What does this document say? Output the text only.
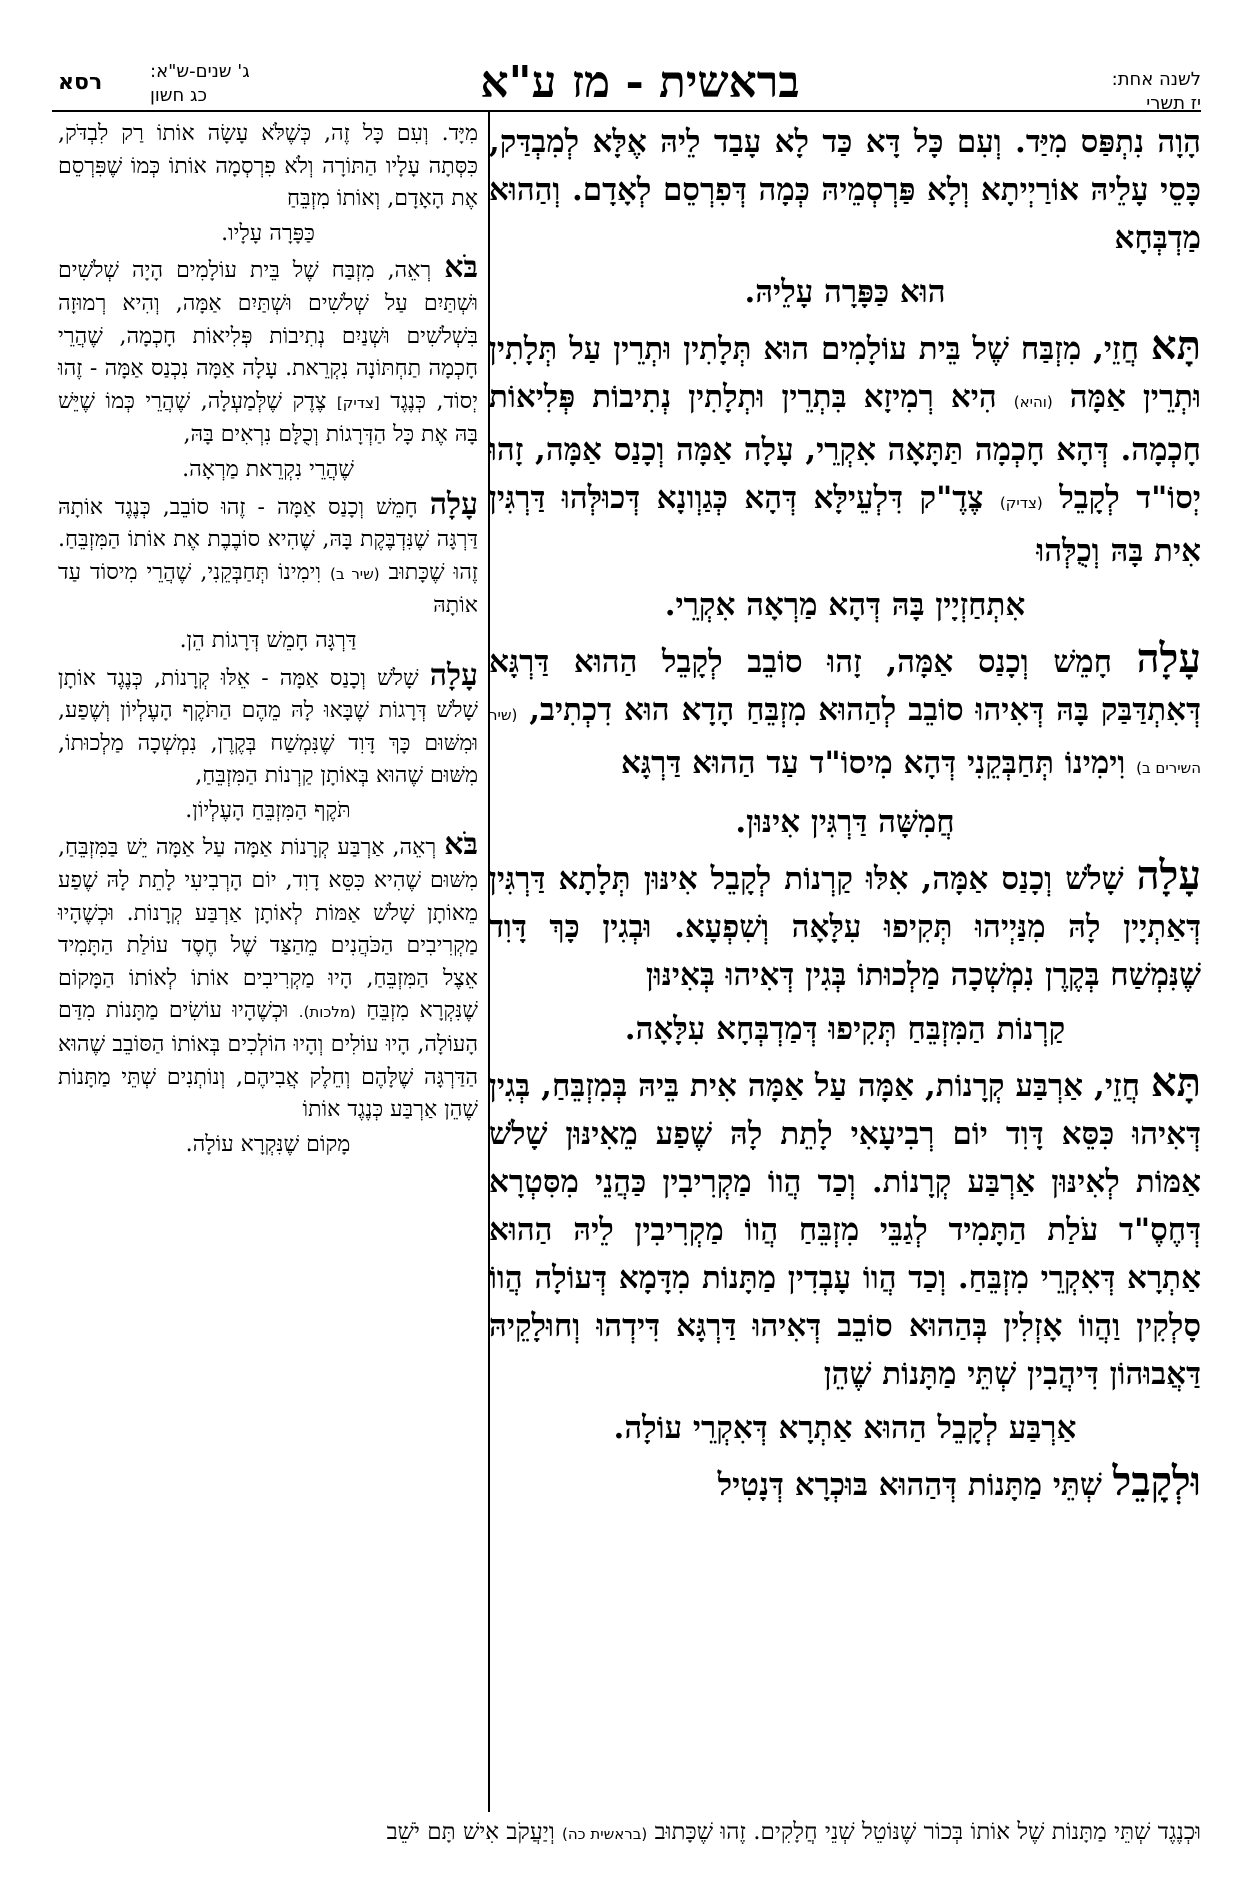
לשנה אחת:
יז תשרי
בראשית - מז ע"א
ג' שנים-ש"א:
כג חשון
רסא

הָוָה נִתְפַּס מִיַּד. וְעִם כָּל דָּא כַּד לָא עָבַד לֵיהּ אֶלָּא לְמִבְדַּק, כָּסֵי עָלֵיהּ אוֹרַיְיתָא וְלָא פַּרְסְמֵיהּ כְּמָה דְּפִרְסֵם לְאָדָם. וְהַהוּא מַדְבְּחָא

הוּא כַּפָּרָה עָלֵיהּ.

תָּא חֲזֵי, מִזְבַּח שֶׁל בֵּית עוֹלָמִים הוּא תְּלָתִין וּתְרֵין עַל תְּלָתִין וּתְרֵין אַמָּה (והיא) הִיא רְמִיזָא בִּתְרֵין וּתְלָתִין נְתִיבוֹת פְּלִיאוֹת חָכְמָה. דְּהָא חָכְמָה תַּתָּאָה אִקְרֵי, עָלָה אַמָּה וְכָנַס אַמָּה, זָהוּ יְסוֹ"ד לְקָבֵל (צדיק) צֶדֶ"ק דִּלְעֵילָּא דְּהָא כְּגַוְונָא דְּכוּלְּהוּ דַּרְגִּין אִית בָּהּ וְכֻלְּהוּ

אִתְחַזְיָין בָּהּ דְּהָא מַרְאָה אִקְרֵי.

עָלָה חָמֵשׁ וְכָנַס אַמָּה, זָהוּ סוֹבֵב לְקָבֵל הַהוּא דַּרְגָּא דְּאִתְדַּבַּק בָּהּ דְּאִיהוּ סוֹבֵב לְהַהוּא מִזְבֵּחַ הָדָא הוּא דִכְתִיב, (שיר השירים ב) וִימִינוֹ תְּחַבְּקֵנִי דְּהָא מִיסוֹ"ד עַד הַהוּא דַּרְגָּא

חֲמִשָּׁה דַּרְגִּין אִינּוּן.

עָלָה שָׁלֹשׁ וְכָנַס אַמָּה, אִלּוּ קַרְנוֹת לְקָבֵל אִינּוּן תְּלָתָא דַּרְגִּין דְּאַתְיָין לָהּ מִנַּיְיהוּ תְּקִיפוּ עִלָּאָה וְשִׁפְעָא. וּבְגִין כָּךְ דָּוִד שֶׁנִּמְשַׁח בְּקֶרֶן נִמְשְׁכָה מַלְכוּתוֹ בְּגִין דְּאִיהוּ בְּאִינּוּן

קַרְנוֹת הַמִּזְבֵּחַ תְּקִיפוּ דְּמַדְבְּחָא עִלָּאָה.

תָּא חֲזֵי, אַרְבַּע קְרָנוֹת, אַמָּה עַל אַמָּה אִית בֵּיהּ בְּמִזְבֵּחַ, בְּגִין דְּאִיהוּ כִּסֵּא דָּוִד יוֹם רְבִיעָאִי לָתֵת לָהּ שֶׁפַע מֵאִינּוּן שָׁלֹשׁ אַמּוֹת לְאִינּוּן אַרְבַּע קְרָנוֹת. וְכַד הֲווֹ מַקְרִיבִין כַּהֲנֵי מִסִּטְרָא דְּחֶסֶ"ד עֹלַת הַתָּמִיד לְגַבֵּי מִזְבֵּחַ הֲווֹ מַקְרִיבִין לֵיהּ הַהוּא אַתְרָא דְּאִקְרֵי מִזְבֵּחַ. וְכַד הֲווֹ עָבְדִין מַתָּנוֹת מִדָּמָא דְּעוֹלָה הֲווֹ סָלְקִין וַהֲווֹ אָזְלִין בְּהַהוּא סוֹבֵב דְּאִיהוּ דַּרְגָּא דִּידְהוּ וְחוּלָקֵיהּ דַּאֲבוּהוֹן דִּיהֲבִין שְׁתֵּי מַתָּנוֹת שֶׁהֵן

אַרְבַּע לְקָבֵל הַהוּא אַתְרָא דְּאִקְרֵי עוֹלָה.

וּלְקָבֵל שְׁתֵּי מַתָּנוֹת דְּהַהוּא בּוּכְרָא דְּנָטִיל

מִיָּד. וְעִם כָּל זֶה, כְּשֶׁלֹּא עָשָׂה אוֹתוֹ רַק לִבְדֹּק, כִּסְּתָה עָלָיו הַתּוֹרָה וְלֹא פִרְסְמָה אוֹתוֹ כְּמוֹ שֶׁפִּרְסֵם אֶת הָאָדָם, וְאוֹתוֹ מִזְבֵּחַ

כַּפָּרָה עָלָיו.

בֹּא רְאֵה, מִזְבַּח שֶׁל בֵּית עוֹלָמִים הָיָה שְׁלֹשִׁים וּשְׁתַּיִם עַל שְׁלֹשִׁים וּשְׁתַּיִם אַמָּה, וְהִיא רְמוּזָה בִּשְׁלֹשִׁים וּשְׁנַיִם נְתִיבוֹת פְּלִיאוֹת חָכְמָה, שֶׁהֲרֵי חָכְמָה תַחְתּוֹנָה נִקְרֵאת. עָלָה אַמָּה נִכְנַס אַמָּה - זֶהוּ יְסוֹד, כְּנֶגֶד [צדיק] צֶדֶק שֶׁלְּמַעְלָה, שֶׁהֲרֵי כְּמוֹ שֶׁיֵּשׁ בָּהּ אֶת כָּל הַדְּרָגוֹת וְכֻלָּם נִרְאִים בָּהּ,

שֶׁהֲרֵי נִקְרֵאת מַרְאָה.

עָלָה חָמֵשׁ וְכָנַס אַמָּה - זֶהוּ סוֹבֵב, כְּנֶגֶד אוֹתָהּ דַּרְגָּה שֶׁנִּדְבֶּקֶת בָּהּ, שֶׁהִיא סוֹבֶבֶת אֶת אוֹתוֹ הַמִּזְבֵּחַ. זֶהוּ שֶׁכָּתוּב (שיר ב) וִימִינוֹ תְּחַבְּקֵנִי, שֶׁהֲרֵי מִיסוֹד עַד אוֹתָהּ

דַּרְגָּה חָמֵשׁ דְּרָגוֹת הֵן.

עָלָה שָׁלֹשׁ וְכָנַס אַמָּה - אֵלּוּ קְרָנוֹת, כְּנֶגֶד אוֹתָן שָׁלֹשׁ דְּרָגוֹת שֶׁבָּאוּ לָהּ מֵהֶם הַתֹּקֶף הָעֶלְיוֹן וְשֶׁפַע, וּמִשּׁוּם כָּךְ דָּוִד שֶׁנִּמְשַׁח בְּקֶרֶן, נִמְשְׁכָה מַלְכוּתוֹ, מִשּׁוּם שֶׁהוּא בְּאוֹתָן קַרְנוֹת הַמִּזְבֵּחַ,

תֹּקֶף הַמִּזְבֵּחַ הָעֶלְיוֹן.

בֹּא רְאֵה, אַרְבַּע קְרָנוֹת אַמָּה עַל אַמָּה יֵשׁ בַּמִּזְבֵּחַ, מִשּׁוּם שֶׁהִיא כִּסֵּא דָוִד, יוֹם הָרְבִיעִי לָתֵת לָהּ שֶׁפַע מֵאוֹתָן שָׁלֹשׁ אַמּוֹת לְאוֹתָן אַרְבַּע קְרָנוֹת. וּכְשֶׁהָיוּ מַקְרִיבִים הַכֹּהֲנִים מֵהַצַּד שֶׁל חֶסֶד עוֹלַת הַתָּמִיד אֵצֶל הַמִּזְבֵּחַ, הָיוּ מַקְרִיבִים אוֹתוֹ לְאוֹתוֹ הַמָּקוֹם שֶׁנִּקְרָא מִזְבֵּחַ (מלכות). וּכְשֶׁהָיוּ עוֹשִׂים מַתָּנוֹת מִדַּם הָעוֹלָה, הָיוּ עוֹלִים וְהָיוּ הוֹלְכִים בְּאוֹתוֹ הַסּוֹבֵב שֶׁהוּא הַדַּרְגָּה שֶׁלָּהֶם וְחֵלֶק אֲבִיהֶם, וְנוֹתְנִים שְׁתֵּי מַתָּנוֹת שֶׁהֵן אַרְבַּע כְּנֶגֶד אוֹתוֹ

מָקוֹם שֶׁנִּקְרָא עוֹלָה.

וּכְנֶגֶד שְׁתֵּי מַתָּנוֹת שֶׁל אוֹתוֹ בְּכוֹר שֶׁנּוֹטֵל שְׁנֵי חֲלָקִים. זֶהוּ שֶׁכָּתוּב (בראשית כה) וְיַעֲקֹב אִישׁ תָּם יֹשֵׁב
